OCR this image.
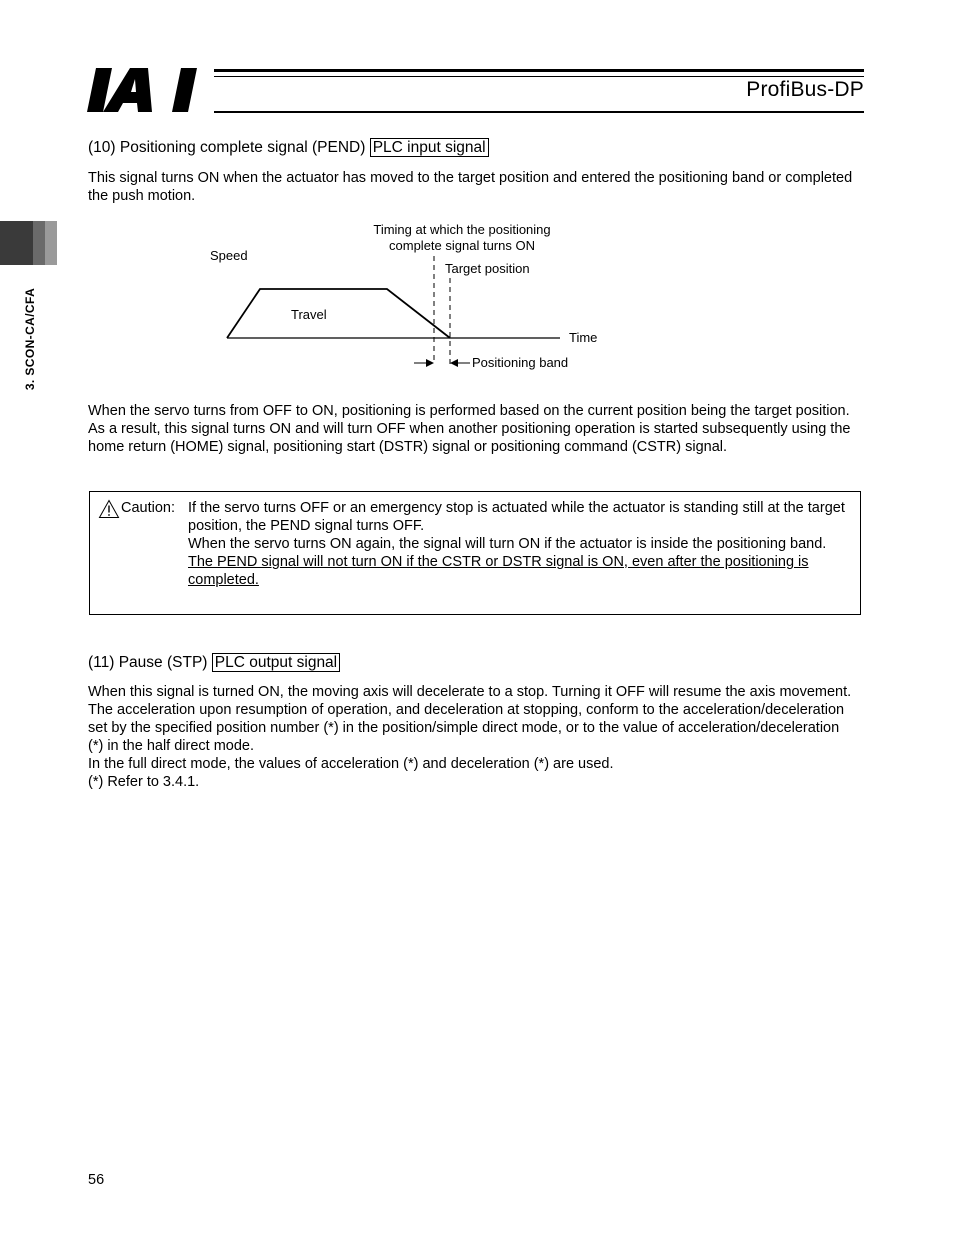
ProfiBus-DP
3. SCON-CA/CFA
(10) Positioning complete signal (PEND) PLC input signal

This signal turns ON when the actuator has moved to the target position and entered the positioning band or completed the push motion.

Timing at which the positioning
complete signal turns ON
Speed
Target position
Travel
Time
Positioning band

When the servo turns from OFF to ON, positioning is performed based on the current position being the target position. As a result, this signal turns ON and will turn OFF when another positioning operation is started subsequently using the home return (HOME) signal, positioning start (DSTR) signal or positioning command (CSTR) signal.

Caution: If the servo turns OFF or an emergency stop is actuated while the actuator is standing still at the target position, the PEND signal turns OFF.

When the servo turns ON again, the signal will turn ON if the actuator is inside the positioning band.

The PEND signal will not turn ON if the CSTR or DSTR signal is ON, even after the positioning is completed.

(11) Pause (STP) PLC output signal

When this signal is turned ON, the moving axis will decelerate to a stop. Turning it OFF will resume the axis movement.

The acceleration upon resumption of operation, and deceleration at stopping, conform to the acceleration/deceleration set by the specified position number (*) in the position/simple direct mode, or to the value of acceleration/deceleration (*) in the half direct mode.

In the full direct mode, the values of acceleration (*) and deceleration (*) are used.

(*) Refer to 3.4.1.

56
